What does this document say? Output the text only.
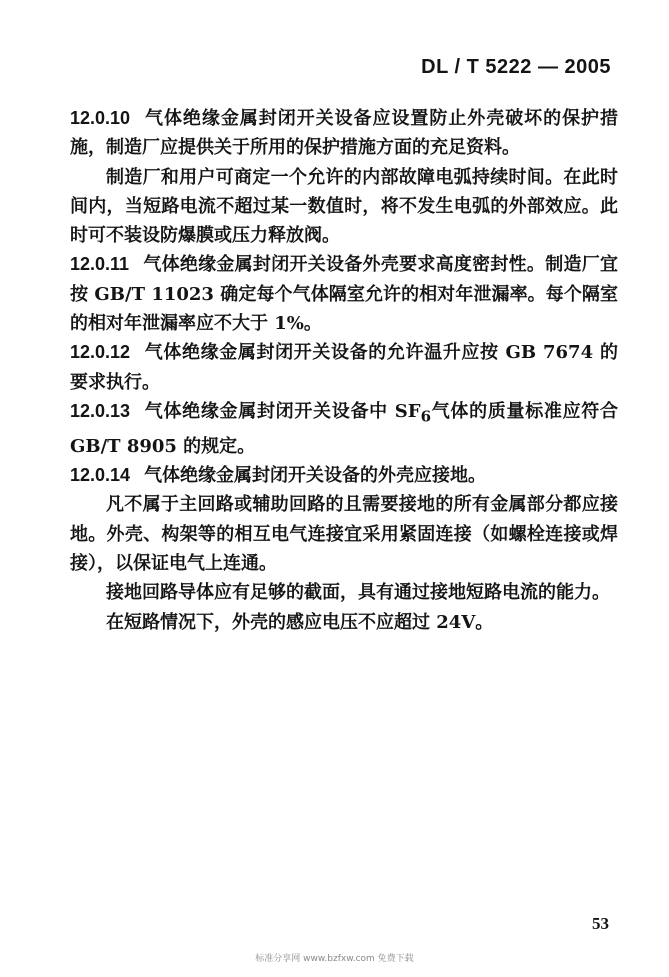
DL / T 5222 — 2005

12.0.10 气体绝缘金属封闭开关设备应设置防止外壳破坏的保护措施，制造厂应提供关于所用的保护措施方面的充足资料。

制造厂和用户可商定一个允许的内部故障电弧持续时间。在此时间内，当短路电流不超过某一数值时，将不发生电弧的外部效应。此时可不装设防爆膜或压力释放阀。

12.0.11 气体绝缘金属封闭开关设备外壳要求高度密封性。制造厂宜按 GB/T 11023 确定每个气体隔室允许的相对年泄漏率。每个隔室的相对年泄漏率应不大于 1%。

12.0.12 气体绝缘金属封闭开关设备的允许温升应按 GB 7674 的要求执行。

12.0.13 气体绝缘金属封闭开关设备中 $SF_6$气体的质量标准应符合 GB/T 8905 的规定。

12.0.14 气体绝缘金属封闭开关设备的外壳应接地。

凡不属于主回路或辅助回路的且需要接地的所有金属部分都应接地。外壳、构架等的相互电气连接宜采用紧固连接（如螺栓连接或焊接），以保证电气上连通。

接地回路导体应有足够的截面，具有通过接地短路电流的能力。

在短路情况下，外壳的感应电压不应超过 24V。

53
标准分享网 www.bzfxw.com 免费下载
